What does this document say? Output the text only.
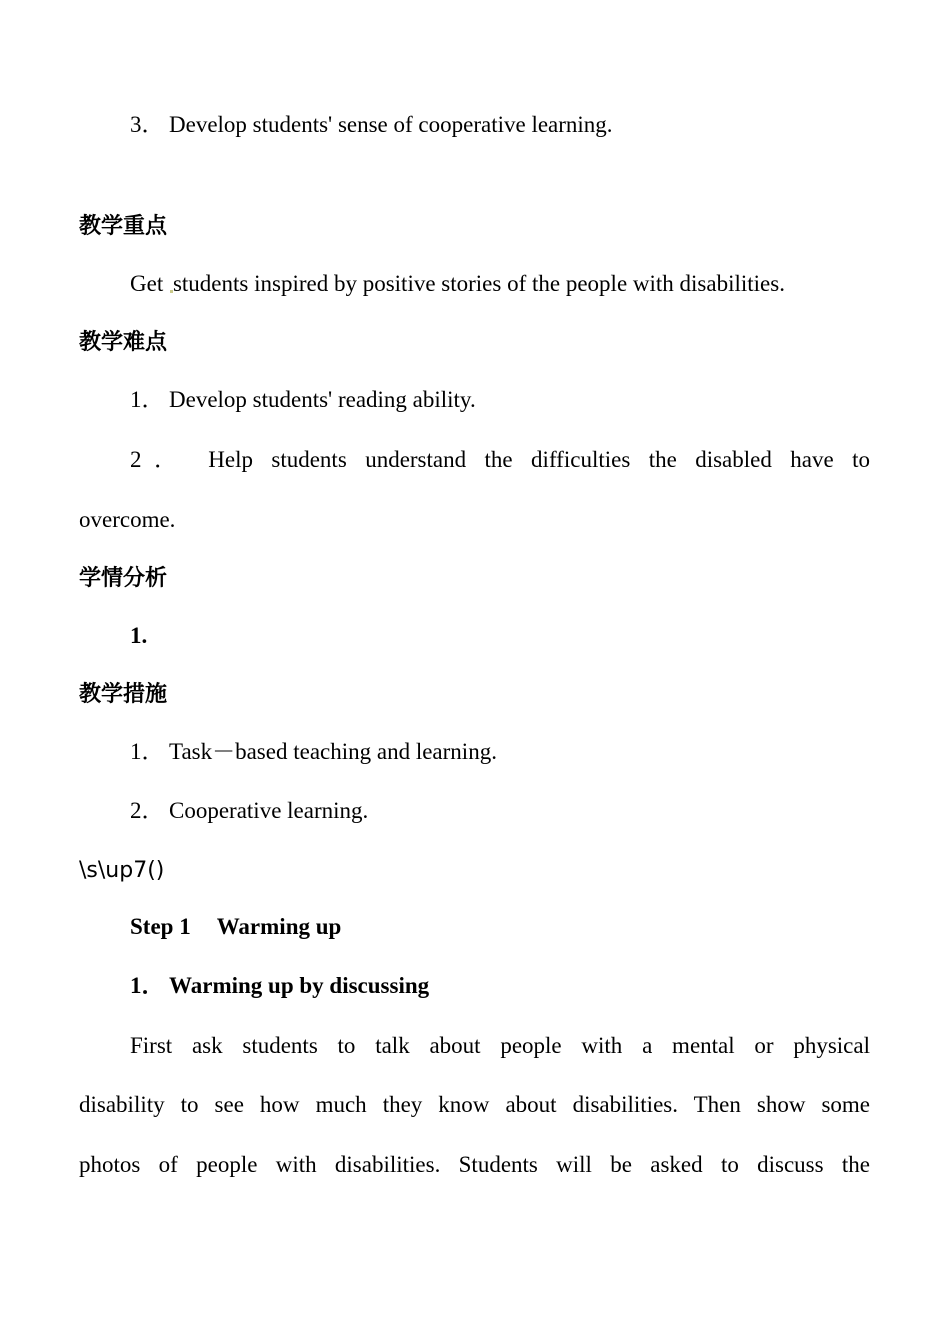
3． Develop students' sense of cooperative learning.
教学重点
Get students inspired by positive stories of the people with disabilities.
教学难点
1． Develop students' reading ability.
2． Help students understand the difficulties the disabled have to
overcome.
学情分析
1.
教学措施
1． Task－based teaching and learning.
2． Cooperative learning.
\s\up7()
Step 1 Warming up
1． Warming up by discussing
First ask students to talk about people with a mental or physical
disability to see how much they know about disabilities. Then show some
photos of people with disabilities. Students will be asked to discuss the
